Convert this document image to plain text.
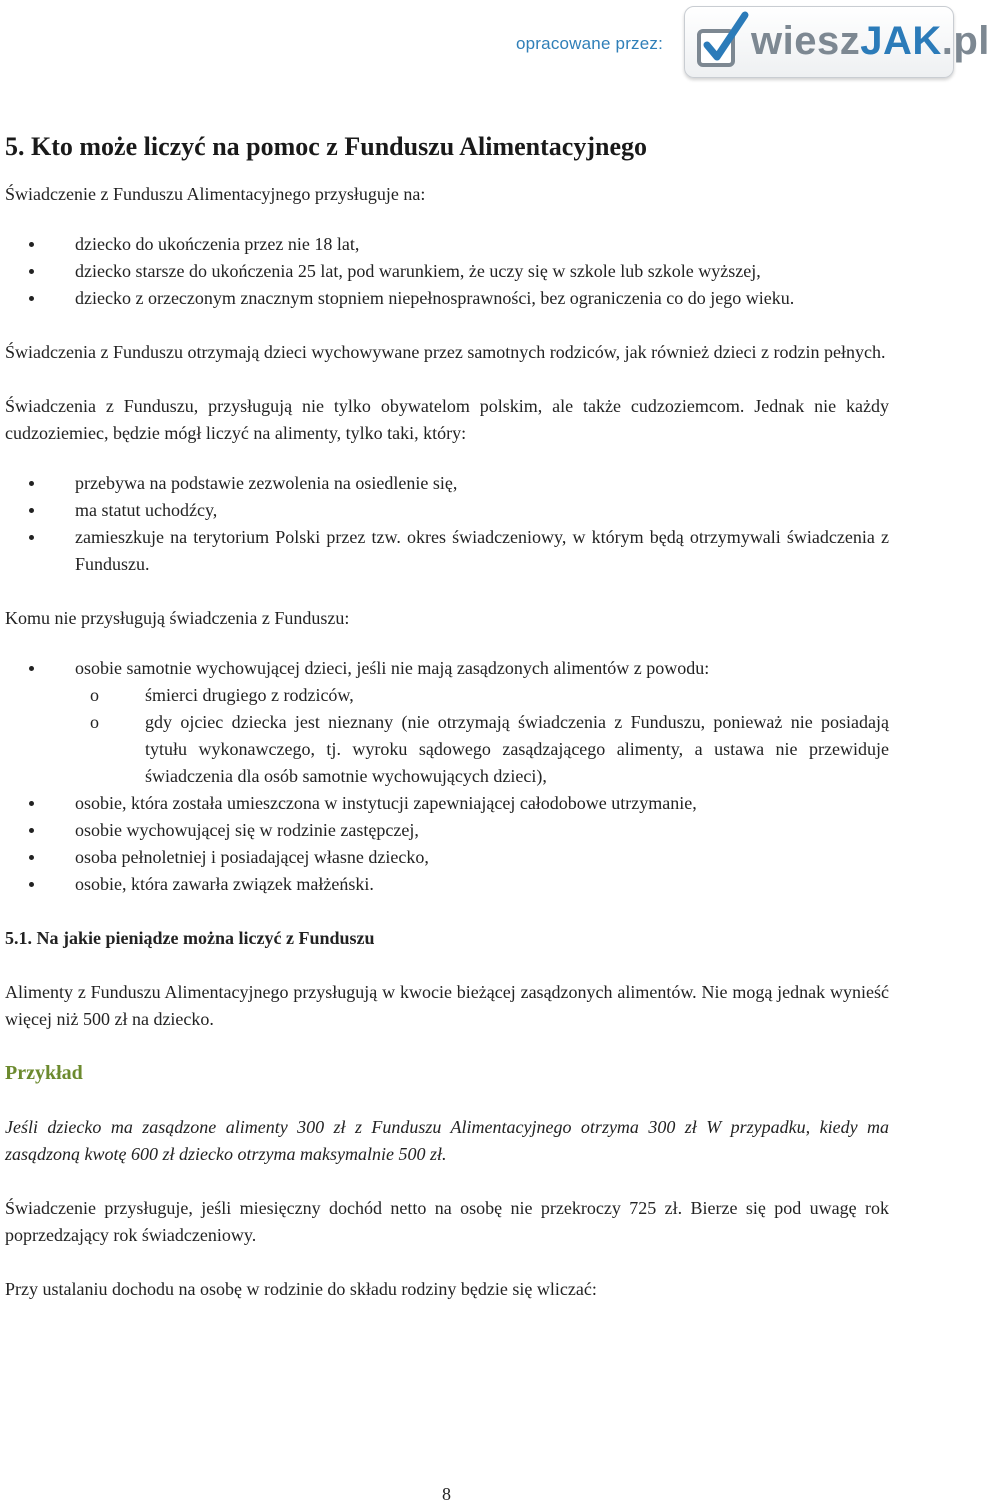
opracowane przez: wieszJAK.pl
5. Kto może liczyć na pomoc z Funduszu Alimentacyjnego

Świadczenie z Funduszu Alimentacyjnego przysługuje na:

dziecko do ukończenia przez nie 18 lat,
dziecko starsze do ukończenia 25 lat, pod warunkiem, że uczy się w szkole lub szkole wyższej,
dziecko z orzeczonym znacznym stopniem niepełnosprawności, bez ograniczenia co do jego wieku.

Świadczenia z Funduszu otrzymają dzieci wychowywane przez samotnych rodziców, jak również dzieci z rodzin pełnych.

Świadczenia z Funduszu, przysługują nie tylko obywatelom polskim, ale także cudzoziemcom. Jednak nie każdy cudzoziemiec, będzie mógł liczyć na alimenty, tylko taki, który:

przebywa na podstawie zezwolenia na osiedlenie się,
ma statut uchodźcy,
zamieszkuje na terytorium Polski przez tzw. okres świadczeniowy, w którym będą otrzymywali świadczenia z Funduszu.

Komu nie przysługują świadczenia z Funduszu:

osobie samotnie wychowującej dzieci, jeśli nie mają zasądzonych alimentów z powodu:
o śmierci drugiego z rodziców,
o gdy ojciec dziecka jest nieznany (nie otrzymają świadczenia z Funduszu, ponieważ nie posiadają tytułu wykonawczego, tj. wyroku sądowego zasądzającego alimenty, a ustawa nie przewiduje świadczenia dla osób samotnie wychowujących dzieci),
osobie, która została umieszczona w instytucji zapewniającej całodobowe utrzymanie,
osobie wychowującej się w rodzinie zastępczej,
osoba pełnoletniej i posiadającej własne dziecko,
osobie, która zawarła związek małżeński.
5.1. Na jakie pieniądze można liczyć z Funduszu

Alimenty z Funduszu Alimentacyjnego przysługują w kwocie bieżącej zasądzonych alimentów. Nie mogą jednak wynieść więcej niż 500 zł na dziecko.

Przykład

Jeśli dziecko ma zasądzone alimenty 300 zł z Funduszu Alimentacyjnego otrzyma 300 zł W przypadku, kiedy ma zasądzoną kwotę 600 zł dziecko otrzyma maksymalnie 500 zł.

Świadczenie przysługuje, jeśli miesięczny dochód netto na osobę nie przekroczy 725 zł. Bierze się pod uwagę rok poprzedzający rok świadczeniowy.

Przy ustalaniu dochodu na osobę w rodzinie do składu rodziny będzie się wliczać:

8
